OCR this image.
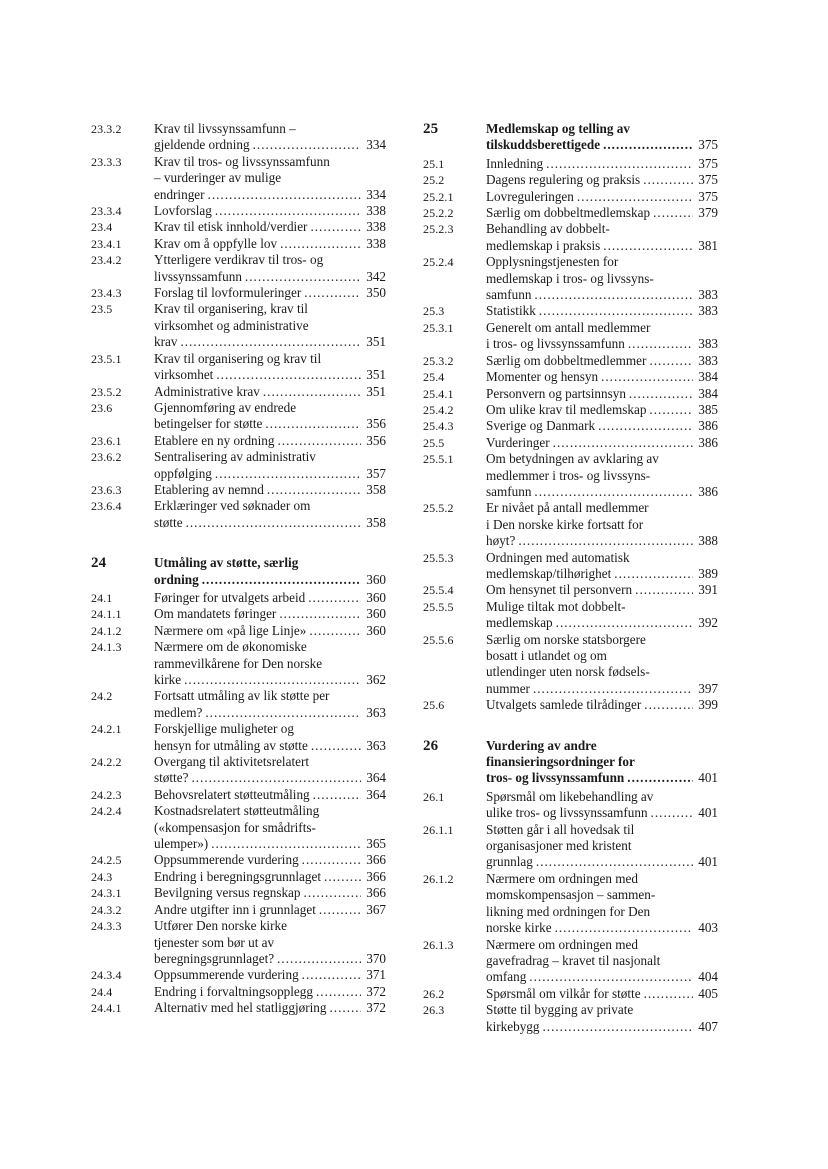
23.3.2	Krav til livssynssamfunn –
gjeldende ordning .....	334
23.3.3	Krav til tros- og livssynssamfunn
– vurderinger av mulige
endringer .....	334
23.3.4	Lovforslag .....	338
23.4	Krav til etisk innhold/verdier .....	338
23.4.1	Krav om å oppfylle lov .....	338
23.4.2	Ytterligere verdikrav til tros- og
livssynssamfunn .....	342
23.4.3	Forslag til lovformuleringer .....	350
23.5	Krav til organisering, krav til
virksomhet og administrative
krav .....	351
23.5.1	Krav til organisering og krav til
virksomhet .....	351
23.5.2	Administrative krav .....	351
23.6	Gjennomføring av endrede
betingelser for støtte .....	356
23.6.1	Etablere en ny ordning .....	356
23.6.2	Sentralisering av administrativ
oppfølging .....	357
23.6.3	Etablering av nemnd .....	358
23.6.4	Erklæringer ved søknader om
støtte .....	358
24	Utmåling av støtte, særlig
ordning .....	360
24.1	Føringer for utvalgets arbeid .....	360
24.1.1	Om mandatets føringer .....	360
24.1.2	Nærmere om «på lige Linje» .....	360
24.1.3	Nærmere om de økonomiske
rammevilkårene for Den norske
kirke .....	362
24.2	Fortsatt utmåling av lik støtte per
medlem? .....	363
24.2.1	Forskjellige muligheter og
hensyn for utmåling av støtte .....	363
24.2.2	Overgang til aktivitetsrelatert
støtte? .....	364
24.2.3	Behovsrelatert støtteutmåling .....	364
24.2.4	Kostnadsrelatert støtteutmåling
(«kompensasjon for smådrifts-
ulemper») .....	365
24.2.5	Oppsummerende vurdering .....	366
24.3	Endring i beregningsgrunnlaget .....	366
24.3.1	Bevilgning versus regnskap .....	366
24.3.2	Andre utgifter inn i grunnlaget .....	367
24.3.3	Utfører Den norske kirke
tjenester som bør ut av
beregningsgrunnlaget? .....	370
24.3.4	Oppsummerende vurdering .....	371
24.4	Endring i forvaltningsopplegg .....	372
24.4.1	Alternativ med hel statliggjøring .....	372
25	Medlemskap og telling av
tilskuddsberettigede .....	375
25.1	Innledning .....	375
25.2	Dagens regulering og praksis .....	375
25.2.1	Lovreguleringen .....	375
25.2.2	Særlig om dobbeltmedlemskap .....	379
25.2.3	Behandling av dobbelt-
medlemskap i praksis .....	381
25.2.4	Opplysningstjenesten for
medlemskap i tros- og livssyns-
samfunn .....	383
25.3	Statistikk .....	383
25.3.1	Generelt om antall medlemmer
i tros- og livssynssamfunn .....	383
25.3.2	Særlig om dobbeltmedlemmer .....	383
25.4	Momenter og hensyn .....	384
25.4.1	Personvern og partsinnsyn .....	384
25.4.2	Om ulike krav til medlemskap .....	385
25.4.3	Sverige og Danmark .....	386
25.5	Vurderinger .....	386
25.5.1	Om betydningen av avklaring av
medlemmer i tros- og livssyns-
samfunn .....	386
25.5.2	Er nivået på antall medlemmer
i Den norske kirke fortsatt for
høyt? .....	388
25.5.3	Ordningen med automatisk
medlemskap/tilhørighet .....	389
25.5.4	Om hensynet til personvern .....	391
25.5.5	Mulige tiltak mot dobbelt-
medlemskap .....	392
25.5.6	Særlig om norske statsborgere
bosatt i utlandet og om
utlendinger uten norsk fødsels-
nummer .....	397
25.6	Utvalgets samlede tilrådinger .....	399
26	Vurdering av andre
finansieringsordninger for
tros- og livssynssamfunn .....	401
26.1	Spørsmål om likebehandling av
ulike tros- og livssynssamfunn .....	401
26.1.1	Støtten går i all hovedsak til
organisasjoner med kristent
grunnlag .....	401
26.1.2	Nærmere om ordningen med
momskompensasjon – sammen-
likning med ordningen for Den
norske kirke .....	403
26.1.3	Nærmere om ordningen med
gavefradrag – kravet til nasjonalt
omfang .....	404
26.2	Spørsmål om vilkår for støtte .....	405
26.3	Støtte til bygging av private
kirkebygg .....	407
